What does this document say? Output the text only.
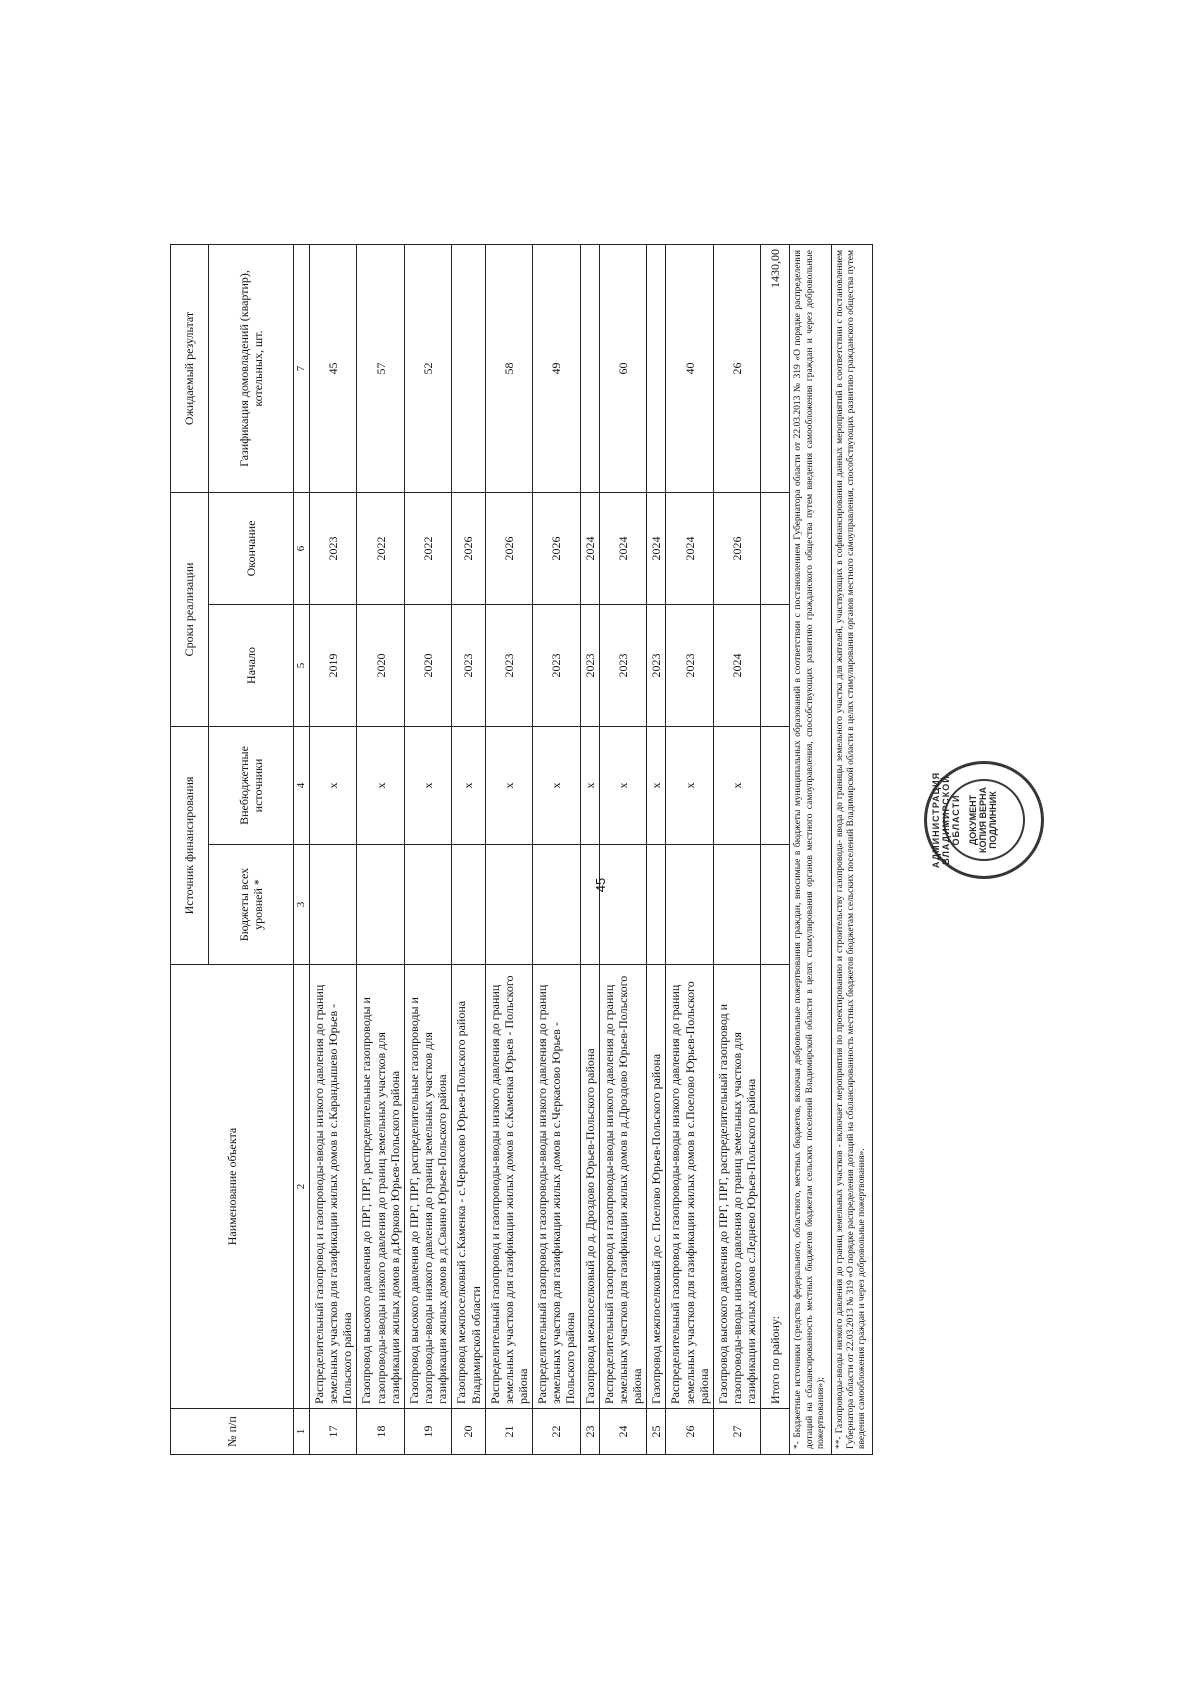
45
№ п/п	Наименование объекта	Источник финансирования		Сроки реализации		Ожидаемый результат
		Бюджеты всех уровней *	Внебюджетные источники	Начало	Окончание	Газификация домовладений (квартир), котельных, шт.
1	2	3	4	5	6	7
17	Распределительный газопровод и газопроводы-вводы низкого давления до границ земельных участков для газификации жилых домов в с.Карандышево Юрьев - Польского района		х	2019	2023	45
18	Газопровод высокого давления до ПРГ, ПРГ, распределительные газопроводы и газопроводы-вводы низкого давления до границ земельных участков для газификации жилых домов в д.Юрково Юрьев-Польского района		х	2020	2022	57
19	Газопровод высокого давления до ПРГ, ПРГ, распределительные газопроводы и газопроводы-вводы низкого давления до границ земельных участков для газификации жилых домов в д.Сваино Юрьев-Польского района		х	2020	2022	52
20	Газопровод межпоселковый с.Каменка - с.Черкасово Юрьев-Польского района Владимирской области		х	2023	2026	
21	Распределительный газопровод и газопроводы-вводы низкого давления до границ земельных участков для газификации жилых домов в с.Каменка Юрьев - Польского района		х	2023	2026	58
22	Распределительный газопровод и газопроводы-вводы низкого давления до границ земельных участков для газификации жилых домов в с.Черкасово Юрьев - Польского района		х	2023	2026	49
23	Газопровод межпоселковый до д. Дроздово Юрьев-Польского района		х	2023	2024	
24	Распределительный газопровод и газопроводы-вводы низкого давления до границ земельных участков для газификации жилых домов в д.Дроздово Юрьев-Польского района		х	2023	2024	60
25	Газопровод межпоселковый до с. Поелово Юрьев-Польского района		х	2023	2024	
26	Распределительный газопровод и газопроводы-вводы низкого давления до границ земельных участков для газификации жилых домов в с.Поелово Юрьев-Польского района		х	2023	2024	40
27	Газопровод высокого давления до ПРГ, ПРГ, распределительный газопровод и газопроводы-вводы низкого давления до границ земельных участков для газификации жилых домов с.Леднево Юрьев-Польского района		х	2024	2026	26
	Итого по району:					1430,00
*- Бюджетные источники (средства федерального, областного, местных бюджетов, включая добровольные пожертвования граждан, вносимые в бюджеты муниципальных образований в соответствии с постановлением Губернатора области от 22.03.2013 № 319 «О порядке распределения дотаций на сбалансированность местных бюджетов бюджетам сельских поселений Владимирской области в целях стимулирования органов местного самоуправления, способствующих развитию гражданского общества путем введения самообложения граждан и через добровольные пожертвования»);						
**- Газопроводы-вводы низкого давления до границ земельных участков - включает мероприятия по проектированию и строительству газопровода- ввода до границы земельного участка для жителей, участвующих в софинансировании данных мероприятий в соответствии с постановлением Губернатора области от 22.03.2013 № 319 «О порядке распределения дотаций на сбалансированность местных бюджетов бюджетам сельских поселений Владимирской области в целях стимулирования органов местного самоуправления, способствующих развитию гражданского общества путем введения самообложения граждан и через добровольные пожертвования».						
АДМИНИСТРАЦИЯ ВЛАДИМИРСКОЙ ОБЛАСТИ ДОКУМЕНТ КОПИЯ ВЕРНА ПОДЛИННИК
